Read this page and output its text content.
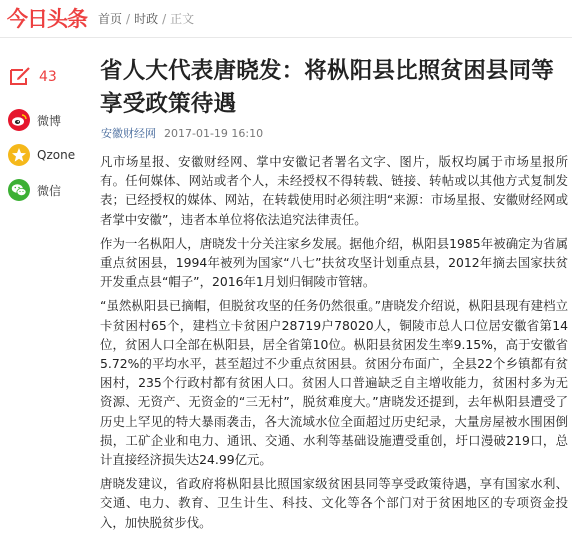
今日头条 首页 / 时政 / 正文
43
微博
Qzone
微信
省人大代表唐晓发：将枞阳县比照贫困县同等享受政策待遇
安徽财经网 2017-01-19 16:10

凡市场星报、安徽财经网、掌中安徽记者署名文字、图片，版权均属于市场星报所有。任何媒体、网站或者个人，未经授权不得转载、链接、转帖或以其他方式复制发表；已经授权的媒体、网站，在转载使用时必须注明“来源：市场星报、安徽财经网或者掌中安徽”，违者本单位将依法追究法律责任。

作为一名枞阳人，唐晓发十分关注家乡发展。据他介绍，枞阳县1985年被确定为省属重点贫困县，1994年被列为国家“八七”扶贫攻坚计划重点县，2012年摘去国家扶贫开发重点县“帽子”，2016年1月划归铜陵市管辖。

“虽然枞阳县已摘帽，但脱贫攻坚的任务仍然很重。”唐晓发介绍说，枞阳县现有建档立卡贫困村65个，建档立卡贫困户28719户78020人，铜陵市总人口位居安徽省第14位，贫困人口全部在枞阳县，居全省第10位。枞阳县贫困发生率9.15%，高于安徽省5.72%的平均水平，甚至超过不少重点贫困县。贫困分布面广，全县22个乡镇都有贫困村，235个行政村都有贫困人口。贫困人口普遍缺乏自主增收能力，贫困村多为无资源、无资产、无资金的“三无村”，脱贫难度大。”唐晓发还提到，去年枞阳县遭受了历史上罕见的特大暴雨袭击，各大流域水位全面超过历史纪录，大量房屋被水围困倒损，工矿企业和电力、通讯、交通、水利等基础设施遭受重创，圩口漫破219口，总计直接经济损失达24.99亿元。

唐晓发建议，省政府将枞阳县比照国家级贫困县同等享受政策待遇，享有国家水利、交通、电力、教育、卫生计生、科技、文化等各个部门对于贫困地区的专项资金投入，加快脱贫步伐。
